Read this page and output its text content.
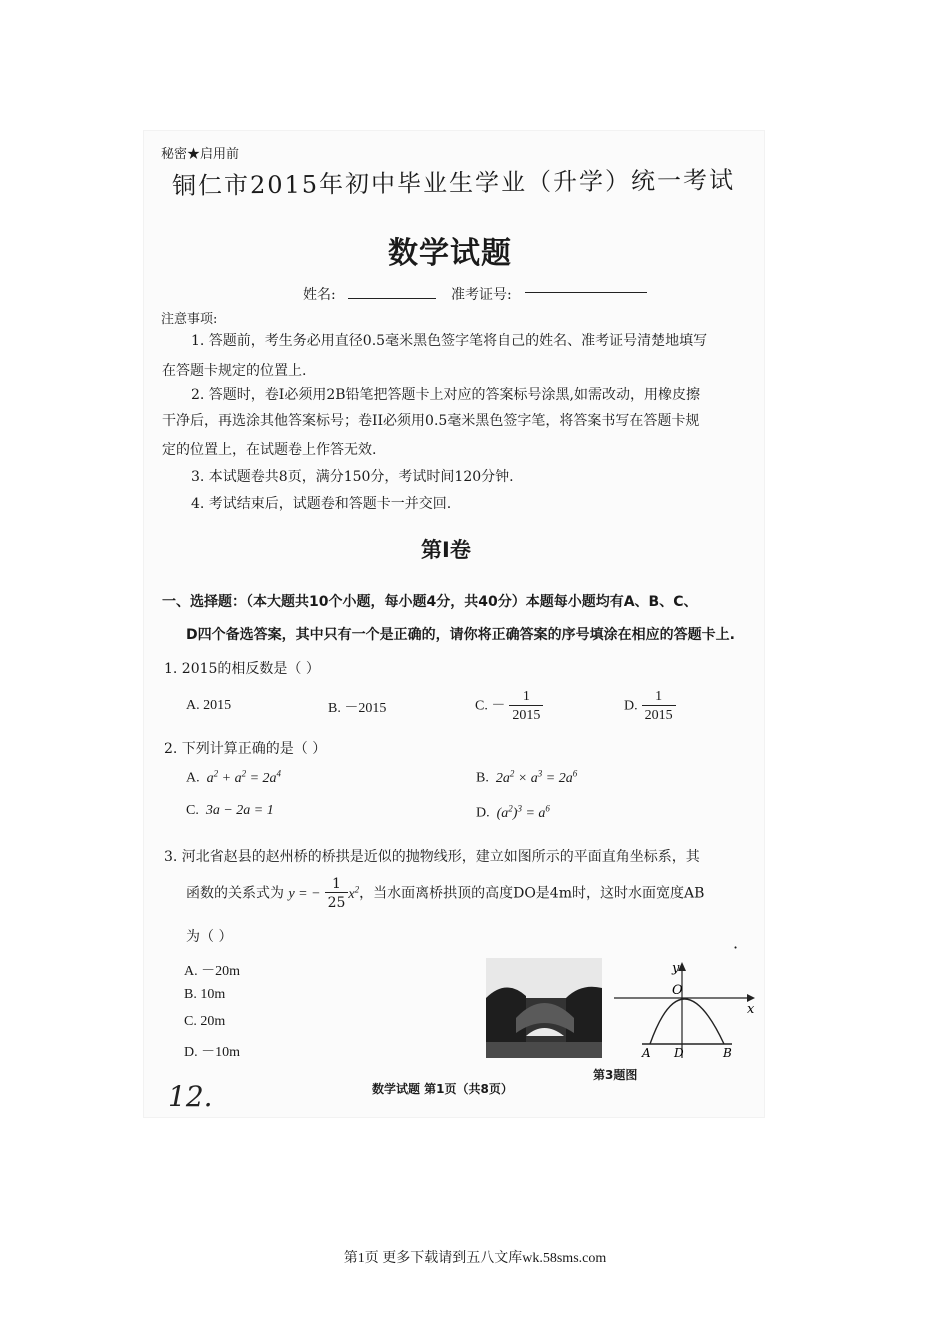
秘密★启用前
铜仁市2015年初中毕业生学业（升学）统一考试
数学试题
姓名:	准考证号:
注意事项:
1. 答题前，考生务必用直径0.5毫米黑色签字笔将自己的姓名、准考证号清楚地填写
在答题卡规定的位置上.
2. 答题时，卷I必须用2B铅笔把答题卡上对应的答案标号涂黑,如需改动，用橡皮擦
干净后，再选涂其他答案标号；卷II必须用0.5毫米黑色签字笔，将答案书写在答题卡规
定的位置上，在试题卷上作答无效.
3. 本试题卷共8页，满分150分，考试时间120分钟.
4. 考试结束后，试题卷和答题卡一并交回.
第Ⅰ卷
一、选择题：（本大题共10个小题，每小题4分，共40分）本题每小题均有A、B、C、
D四个备选答案，其中只有一个是正确的，请你将正确答案的序号填涂在相应的答题卡上.
1. 2015的相反数是（ ）
A. 2015	B. －2015	C. － $\frac{1}{2015}$	D. $\frac{1}{2015}$
2. 下列计算正确的是（ ）
A. $a^2 + a^2 = 2a^4$	B. $2a^2 \times a^3 = 2a^6$
C. 3a − 2a = 1	D. $(a^2)^3 = a^6$
3. 河北省赵县的赵州桥的桥拱是近似的抛物线形，建立如图所示的平面直角坐标系，其
函数的关系式为 y = − $\frac{1}{25} x^2$，当水面离桥拱顶的高度DO是4m时，这时水面宽度AB
为（ ）
·
A. －20m
B. 10m
C. 20m
D. －10m
x
y
O
A D	B
第3题图
数学试题 第1页（共8页）
12.
第1页 更多下载请到五八文库wk.58sms.com
